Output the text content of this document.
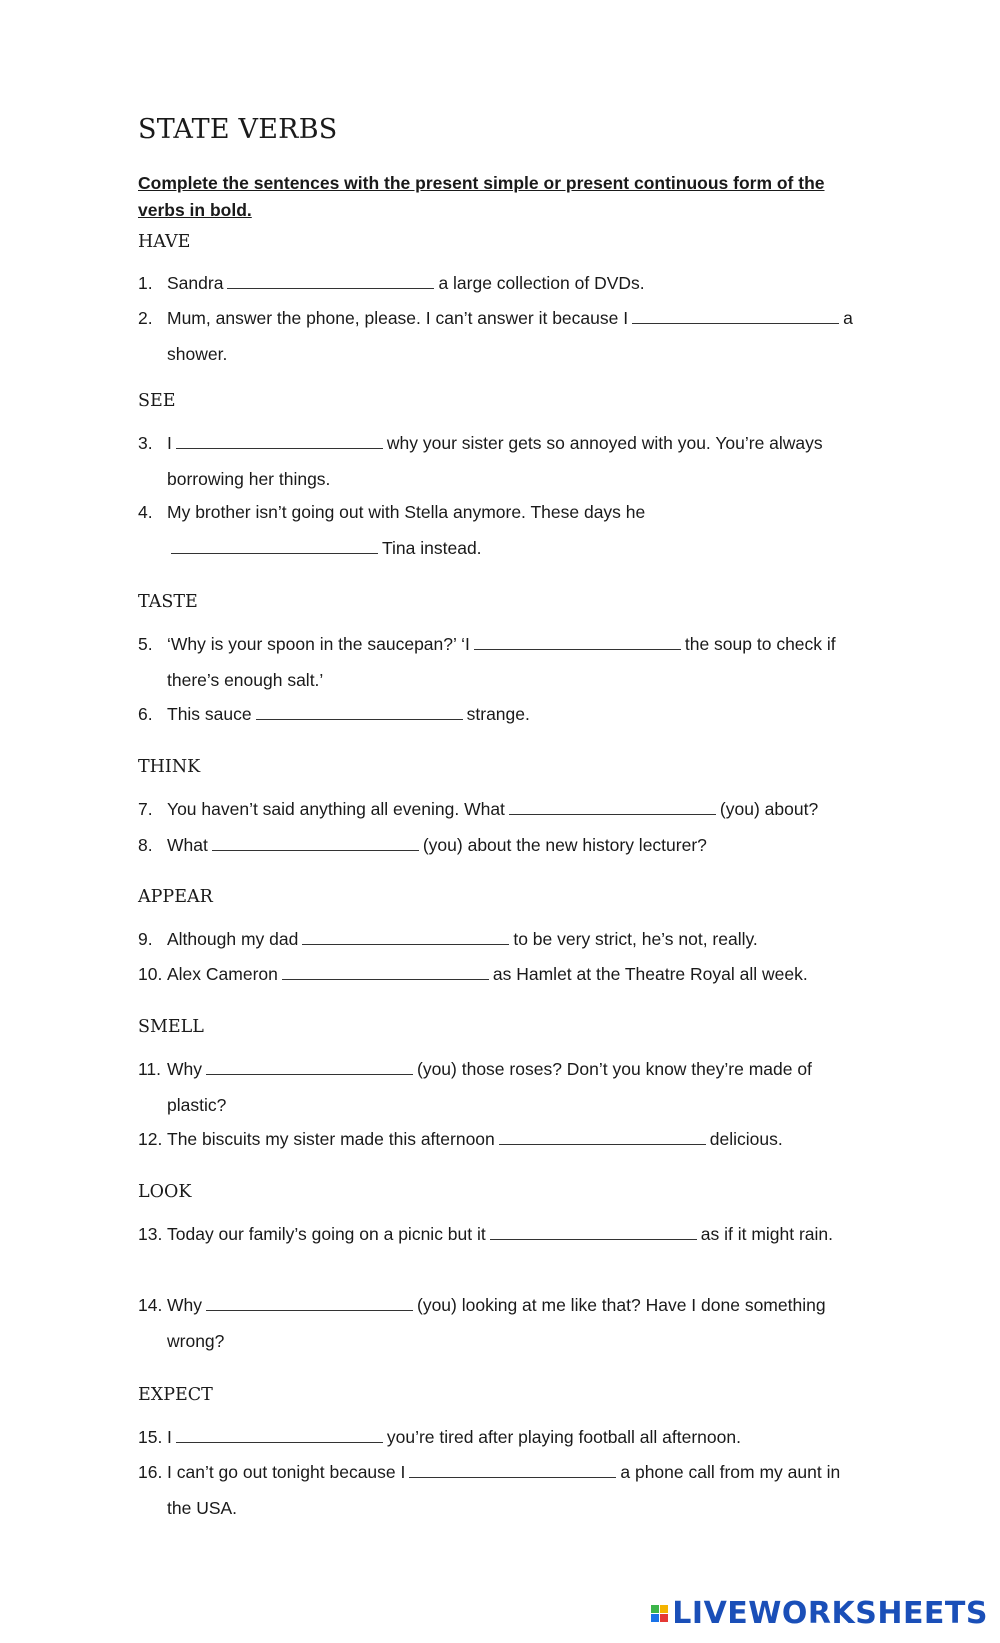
STATE VERBS

Complete the sentences with the present simple or present continuous form of the verbs in bold.

HAVE
1. Sandra	a large collection of DVDs.
2. Mum, answer the phone, please. I can’t answer it because I	a shower.
SEE
3. I	why your sister gets so annoyed with you. You’re always borrowing her things.
4. My brother isn’t going out with Stella anymore. These days heTina instead.
TASTE
5. ‘Why is your spoon in the saucepan?’ ‘I	the soup to check if there’s enough salt.’
6. This sauce	strange.
THINK
7. You haven’t said anything all evening. What	(you) about?
8. What	(you) about the new history lecturer?
APPEAR
9. Although my dad	to be very strict, he’s not, really.
10. Alex Cameron	as Hamlet at the Theatre Royal all week.
SMELL
11. Why	(you) those roses? Don’t you know they’re made of plastic?
12. The biscuits my sister made this afternoon	delicious.
LOOK
13. Today our family’s going on a picnic but it	as if it might rain.
14. Why	(you) looking at me like that? Have I done something wrong?
EXPECT
15. I	you’re tired after playing football all afternoon.
16. I can’t go out tonight because I	a phone call from my aunt in the USA.
LIVEWORKSHEETS
